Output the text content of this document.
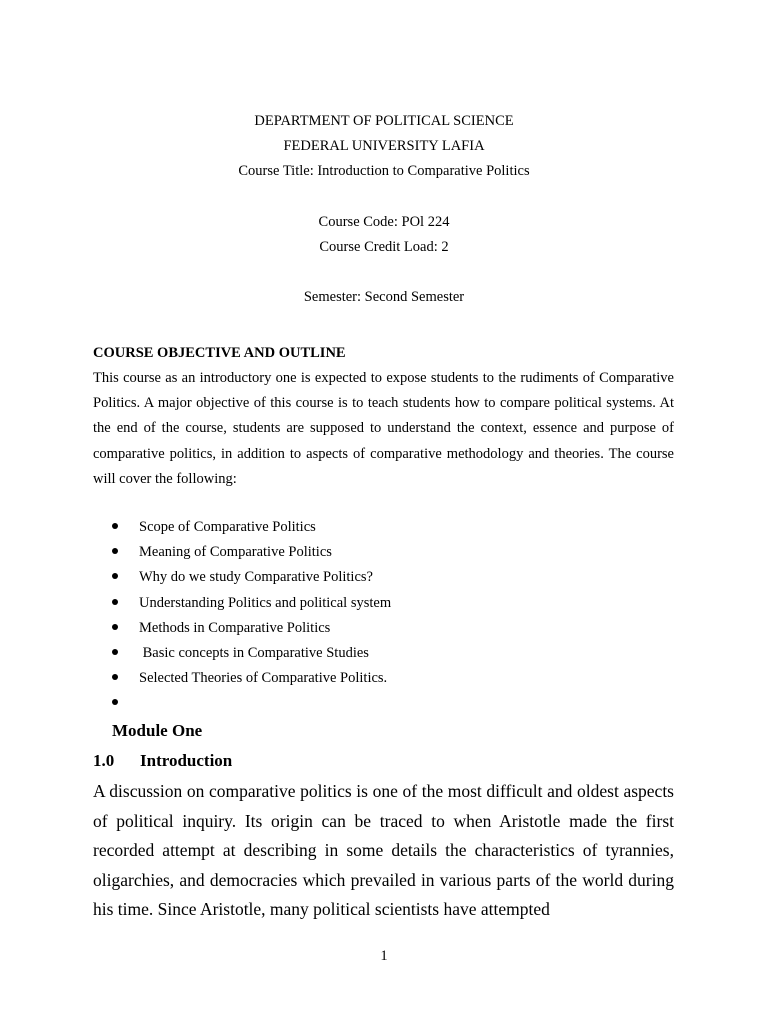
DEPARTMENT OF POLITICAL SCIENCE
FEDERAL UNIVERSITY LAFIA
Course Title: Introduction to Comparative Politics
Course Code: POl 224
Course Credit Load: 2
Semester: Second Semester
COURSE OBJECTIVE AND OUTLINE
This course as an introductory one is expected to expose students to the rudiments of Comparative Politics. A major objective of this course is to teach students how to compare political systems. At the end of the course, students are supposed to understand the context, essence and purpose of comparative politics, in addition to aspects of comparative methodology and theories. The course will cover the following:
Scope of Comparative Politics
Meaning of Comparative Politics
Why do we study Comparative Politics?
Understanding Politics and political system
Methods in Comparative Politics
Basic concepts in Comparative Studies
Selected Theories of Comparative Politics.
Module One
1.0 Introduction
A discussion on comparative politics is one of the most difficult and oldest aspects of political inquiry. Its origin can be traced to when Aristotle made the first recorded attempt at describing in some details the characteristics of tyrannies, oligarchies, and democracies which prevailed in various parts of the world during his time. Since Aristotle, many political scientists have attempted
1
